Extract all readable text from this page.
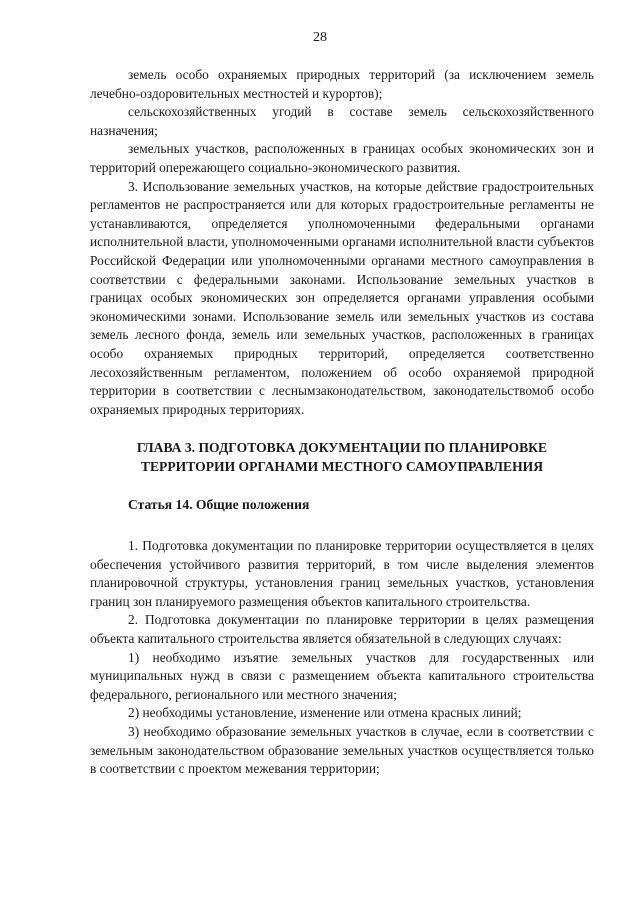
28

земель особо охраняемых природных территорий (за исключением земель лечебно-оздоровительных местностей и курортов);

сельскохозяйственных угодий в составе земель сельскохозяйственного назначения;

земельных участков, расположенных в границах особых экономических зон и территорий опережающего социально-экономического развития.

3. Использование земельных участков, на которые действие градостроительных регламентов не распространяется или для которых градостроительные регламенты не устанавливаются, определяется уполномоченными федеральными органами исполнительной власти, уполномоченными органами исполнительной власти субъектов Российской Федерации или уполномоченными органами местного самоуправления в соответствии с федеральными законами. Использование земельных участков в границах особых экономических зон определяется органами управления особыми экономическими зонами. Использование земель или земельных участков из состава земель лесного фонда, земель или земельных участков, расположенных в границах особо охраняемых природных территорий, определяется соответственно лесохозяйственным регламентом, положением об особо охраняемой природной территории в соответствии с леснымзаконодательством, законодательствомоб особо охраняемых природных территориях.

ГЛАВА 3. ПОДГОТОВКА ДОКУМЕНТАЦИИ ПО ПЛАНИРОВКЕ ТЕРРИТОРИИ ОРГАНАМИ МЕСТНОГО САМОУПРАВЛЕНИЯ
Статья 14. Общие положения

1. Подготовка документации по планировке территории осуществляется в целях обеспечения устойчивого развития территорий, в том числе выделения элементов планировочной структуры, установления границ земельных участков, установления границ зон планируемого размещения объектов капитального строительства.

2. Подготовка документации по планировке территории в целях размещения объекта капитального строительства является обязательной в следующих случаях:

1) необходимо изъятие земельных участков для государственных или муниципальных нужд в связи с размещением объекта капитального строительства федерального, регионального или местного значения;

2) необходимы установление, изменение или отмена красных линий;

3) необходимо образование земельных участков в случае, если в соответствии с земельным законодательством образование земельных участков осуществляется только в соответствии с проектом межевания территории;
